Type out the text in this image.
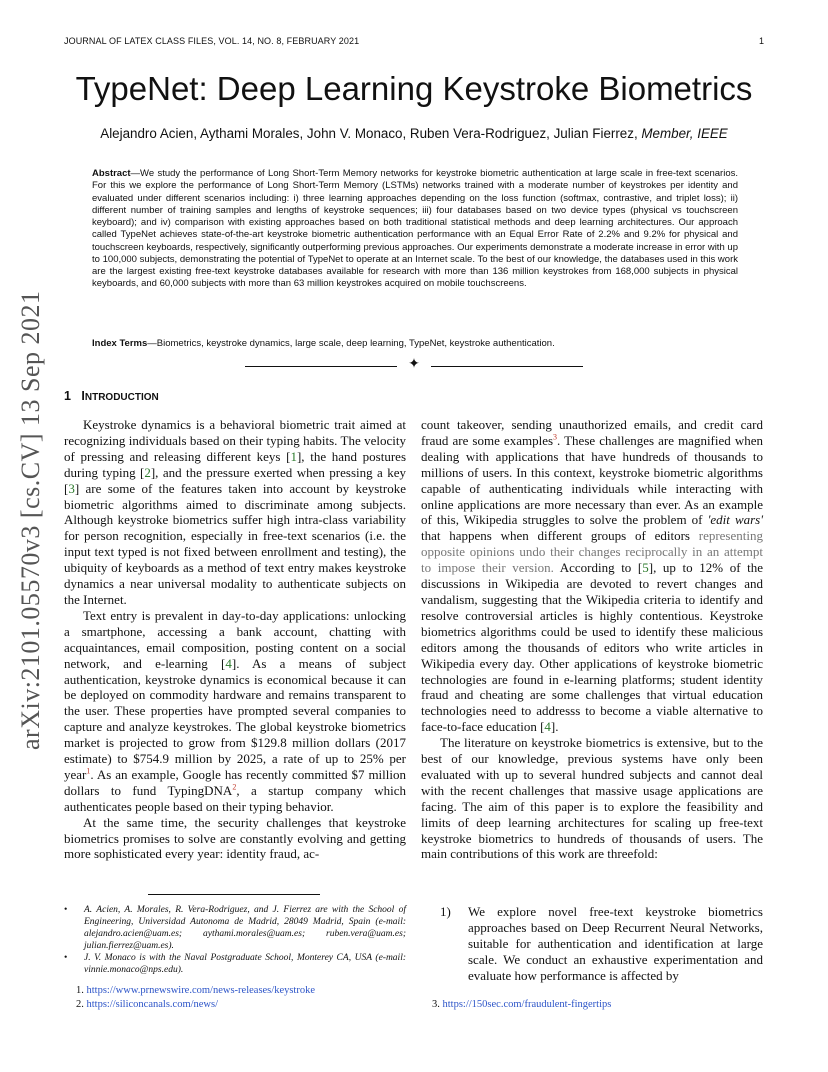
JOURNAL OF LATEX CLASS FILES, VOL. 14, NO. 8, FEBRUARY 2021	1
arXiv:2101.05570v3 [cs.CV] 13 Sep 2021
TypeNet: Deep Learning Keystroke Biometrics
Alejandro Acien, Aythami Morales, John V. Monaco, Ruben Vera-Rodriguez, Julian Fierrez, Member, IEEE
Abstract—We study the performance of Long Short-Term Memory networks for keystroke biometric authentication at large scale in free-text scenarios. For this we explore the performance of Long Short-Term Memory (LSTMs) networks trained with a moderate number of keystrokes per identity and evaluated under different scenarios including: i) three learning approaches depending on the loss function (softmax, contrastive, and triplet loss); ii) different number of training samples and lengths of keystroke sequences; iii) four databases based on two device types (physical vs touchscreen keyboard); and iv) comparison with existing approaches based on both traditional statistical methods and deep learning architectures. Our approach called TypeNet achieves state-of-the-art keystroke biometric authentication performance with an Equal Error Rate of 2.2% and 9.2% for physical and touchscreen keyboards, respectively, significantly outperforming previous approaches. Our experiments demonstrate a moderate increase in error with up to 100,000 subjects, demonstrating the potential of TypeNet to operate at an Internet scale. To the best of our knowledge, the databases used in this work are the largest existing free-text keystroke databases available for research with more than 136 million keystrokes from 168,000 subjects in physical keyboards, and 60,000 subjects with more than 63 million keystrokes acquired on mobile touchscreens.
Index Terms—Biometrics, keystroke dynamics, large scale, deep learning, TypeNet, keystroke authentication.
✦
1 INTRODUCTION

Keystroke dynamics is a behavioral biometric trait aimed at recognizing individuals based on their typing habits. The velocity of pressing and releasing different keys [1], the hand postures during typing [2], and the pressure exerted when pressing a key [3] are some of the features taken into account by keystroke biometric algorithms aimed to discriminate among subjects. Although keystroke biometrics suffer high intra-class variability for person recognition, especially in free-text scenarios (i.e. the input text typed is not fixed between enrollment and testing), the ubiquity of keyboards as a method of text entry makes keystroke dynamics a near universal modality to authenticate subjects on the Internet.

Text entry is prevalent in day-to-day applications: unlocking a smartphone, accessing a bank account, chatting with acquaintances, email composition, posting content on a social network, and e-learning [4]. As a means of subject authentication, keystroke dynamics is economical because it can be deployed on commodity hardware and remains transparent to the user. These properties have prompted several companies to capture and analyze keystrokes. The global keystroke biometrics market is projected to grow from $129.8 million dollars (2017 estimate) to $754.9 million by 2025, a rate of up to 25% per year$^1$. As an example, Google has recently committed $7 million dollars to fund TypingDNA$^2$, a startup company which authenticates people based on their typing behavior.

At the same time, the security challenges that keystroke biometrics promises to solve are constantly evolving and getting more sophisticated every year: identity fraud, ac-

count takeover, sending unauthorized emails, and credit card fraud are some examples$^3$. These challenges are magnified when dealing with applications that have hundreds of thousands to millions of users. In this context, keystroke biometric algorithms capable of authenticating individuals while interacting with online applications are more necessary than ever. As an example of this, Wikipedia struggles to solve the problem of 'edit wars' that happens when different groups of editors representing opposite opinions undo their changes reciprocally in an attempt to impose their version. According to [5], up to 12% of the discussions in Wikipedia are devoted to revert changes and vandalism, suggesting that the Wikipedia criteria to identify and resolve controversial articles is highly contentious. Keystroke biometrics algorithms could be used to identify these malicious editors among the thousands of editors who write articles in Wikipedia every day. Other applications of keystroke biometric technologies are found in e-learning platforms; student identity fraud and cheating are some challenges that virtual education technologies need to addresss to become a viable alternative to face-to-face education [4].

The literature on keystroke biometrics is extensive, but to the best of our knowledge, previous systems have only been evaluated with up to several hundred subjects and cannot deal with the recent challenges that massive usage applications are facing. The aim of this paper is to explore the feasibility and limits of deep learning architectures for scaling up free-text keystroke biometrics to hundreds of thousands of users. The main contributions of this work are threefold:

• A. Acien, A. Morales, R. Vera-Rodriguez, and J. Fierrez are with the School of Engineering, Universidad Autonoma de Madrid, 28049 Madrid, Spain (e-mail: alejandro.acien@uam.es; aythami.morales@uam.es; ruben.vera@uam.es; julian.fierrez@uam.es).
• J. V. Monaco is with the Naval Postgraduate School, Monterey CA, USA (e-mail: vinnie.monaco@nps.edu).
1) We explore novel free-text keystroke biometrics approaches based on Deep Recurrent Neural Networks, suitable for authentication and identification at large scale. We conduct an exhaustive experimentation and evaluate how performance is affected by
1. https://www.prnewswire.com/news-releases/keystroke
2. https://siliconcanals.com/news/	3. https://150sec.com/fraudulent-fingertips
